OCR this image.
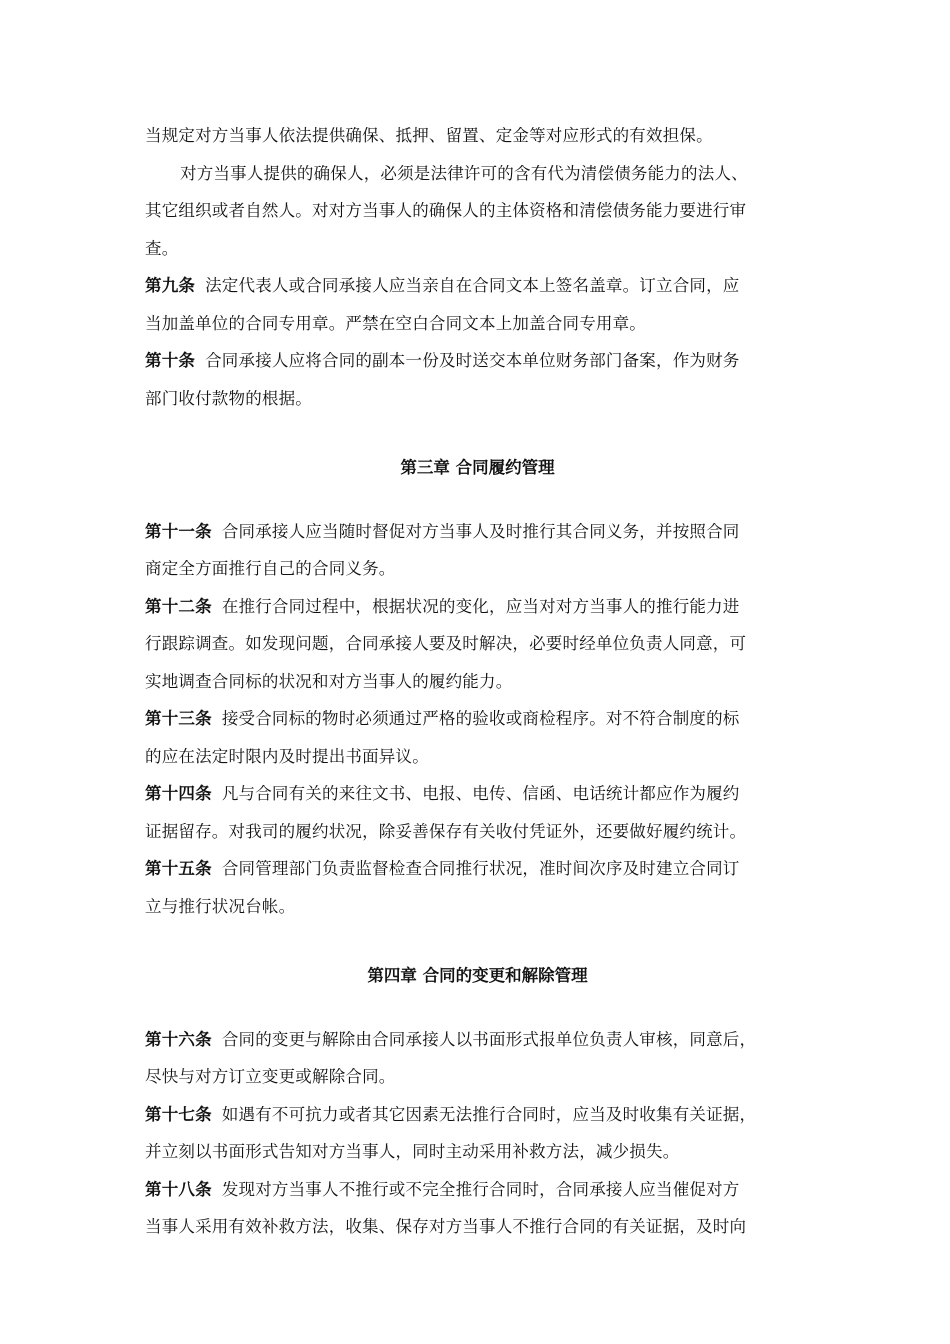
当规定对方当事人依法提供确保、抵押、留置、定金等对应形式的有效担保。
对方当事人提供的确保人，必须是法律许可的含有代为清偿债务能力的法人、
其它组织或者自然人。对对方当事人的确保人的主体资格和清偿债务能力要进行审
查。
第九条 法定代表人或合同承接人应当亲自在合同文本上签名盖章。订立合同，应
当加盖单位的合同专用章。严禁在空白合同文本上加盖合同专用章。
第十条 合同承接人应将合同的副本一份及时送交本单位财务部门备案，作为财务
部门收付款物的根据。
第三章 合同履约管理
第十一条 合同承接人应当随时督促对方当事人及时推行其合同义务，并按照合同
商定全方面推行自己的合同义务。
第十二条 在推行合同过程中，根据状况的变化，应当对对方当事人的推行能力进
行跟踪调查。如发现问题，合同承接人要及时解决，必要时经单位负责人同意，可
实地调查合同标的状况和对方当事人的履约能力。
第十三条 接受合同标的物时必须通过严格的验收或商检程序。对不符合制度的标
的应在法定时限内及时提出书面异议。
第十四条 凡与合同有关的来往文书、电报、电传、信函、电话统计都应作为履约
证据留存。对我司的履约状况，除妥善保存有关收付凭证外，还要做好履约统计。
第十五条 合同管理部门负责监督检查合同推行状况，准时间次序及时建立合同订
立与推行状况台帐。
第四章 合同的变更和解除管理
第十六条 合同的变更与解除由合同承接人以书面形式报单位负责人审核，同意后，
尽快与对方订立变更或解除合同。
第十七条 如遇有不可抗力或者其它因素无法推行合同时，应当及时收集有关证据，
并立刻以书面形式告知对方当事人，同时主动采用补救方法，减少损失。
第十八条 发现对方当事人不推行或不完全推行合同时，合同承接人应当催促对方
当事人采用有效补救方法，收集、保存对方当事人不推行合同的有关证据，及时向
